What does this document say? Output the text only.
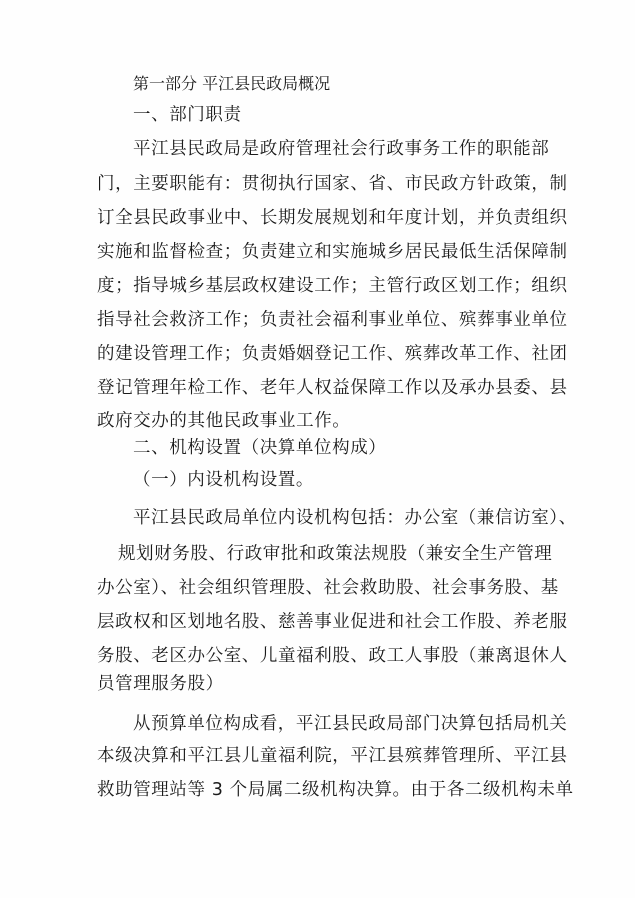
第一部分 平江县民政局概况

一、部门职责

平江县民政局是政府管理社会行政事务工作的职能部

门，主要职能有：贯彻执行国家、省、市民政方针政策，制

订全县民政事业中、长期发展规划和年度计划，并负责组织

实施和监督检查；负责建立和实施城乡居民最低生活保障制

度；指导城乡基层政权建设工作；主管行政区划工作；组织

指导社会救济工作；负责社会福利事业单位、殡葬事业单位

的建设管理工作；负责婚姻登记工作、殡葬改革工作、社团

登记管理年检工作、老年人权益保障工作以及承办县委、县

政府交办的其他民政事业工作。

二、机构设置（决算单位构成）

（一）内设机构设置。

平江县民政局单位内设机构包括：办公室（兼信访室）、

规划财务股、行政审批和政策法规股（兼安全生产管理

办公室）、社会组织管理股、社会救助股、社会事务股、基

层政权和区划地名股、慈善事业促进和社会工作股、养老服

务股、老区办公室、儿童福利股、政工人事股（兼离退休人

员管理服务股）

从预算单位构成看，平江县民政局部门决算包括局机关

本级决算和平江县儿童福利院，平江县殡葬管理所、平江县

救助管理站等 3 个局属二级机构决算。由于各二级机构未单
